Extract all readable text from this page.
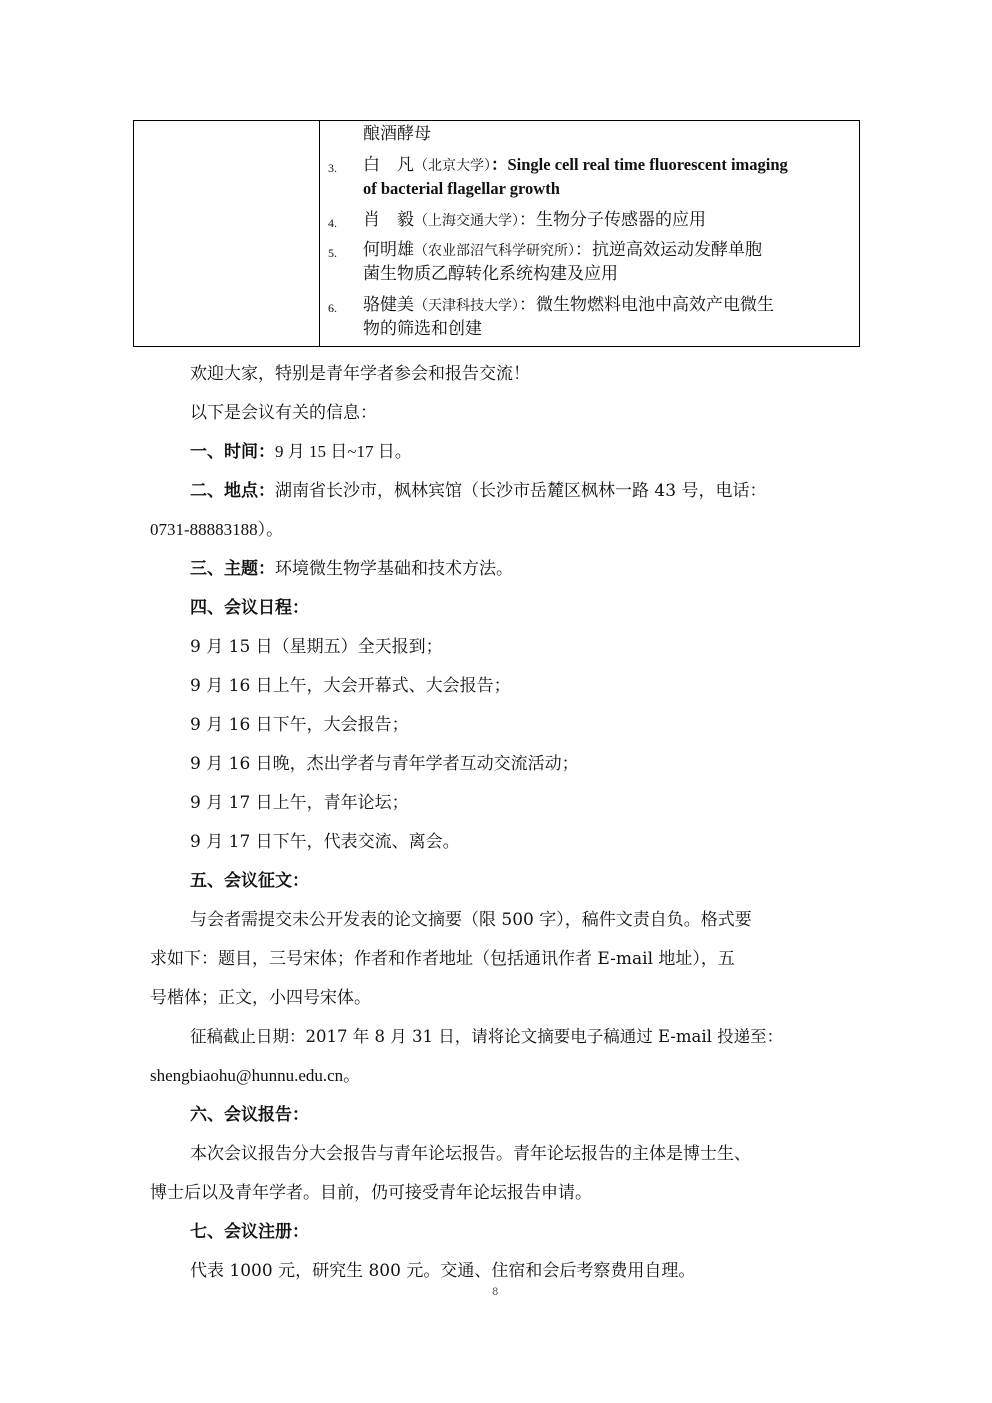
酿酒酵母
3. 白　凡（北京大学）：Single cell real time fluorescent imaging
of bacterial flagellar growth
4. 肖　毅（上海交通大学）：生物分子传感器的应用
5. 何明雄（农业部沼气科学研究所）：抗逆高效运动发酵单胞
菌生物质乙醇转化系统构建及应用
6. 骆健美（天津科技大学）：微生物燃料电池中高效产电微生
物的筛选和创建
欢迎大家，特别是青年学者参会和报告交流！
以下是会议有关的信息：
一、时间：9 月 15 日~17 日。
二、地点：湖南省长沙市，枫林宾馆（长沙市岳麓区枫林一路 43 号，电话：
0731-88883188）。
三、主题：环境微生物学基础和技术方法。
四、会议日程：
9 月 15 日（星期五）全天报到；
9 月 16 日上午，大会开幕式、大会报告；
9 月 16 日下午，大会报告；
9 月 16 日晚，杰出学者与青年学者互动交流活动；
9 月 17 日上午，青年论坛；
9 月 17 日下午，代表交流、离会。
五、会议征文：
与会者需提交未公开发表的论文摘要（限 500 字），稿件文责自负。格式要
求如下：题目，三号宋体；作者和作者地址（包括通讯作者 E-mail 地址），五
号楷体；正文，小四号宋体。
征稿截止日期：2017 年 8 月 31 日，请将论文摘要电子稿通过 E-mail 投递至：
shengbiaohu@hunnu.edu.cn。
六、会议报告：
本次会议报告分大会报告与青年论坛报告。青年论坛报告的主体是博士生、
博士后以及青年学者。目前，仍可接受青年论坛报告申请。
七、会议注册：
代表 1000 元，研究生 800 元。交通、住宿和会后考察费用自理。
8
